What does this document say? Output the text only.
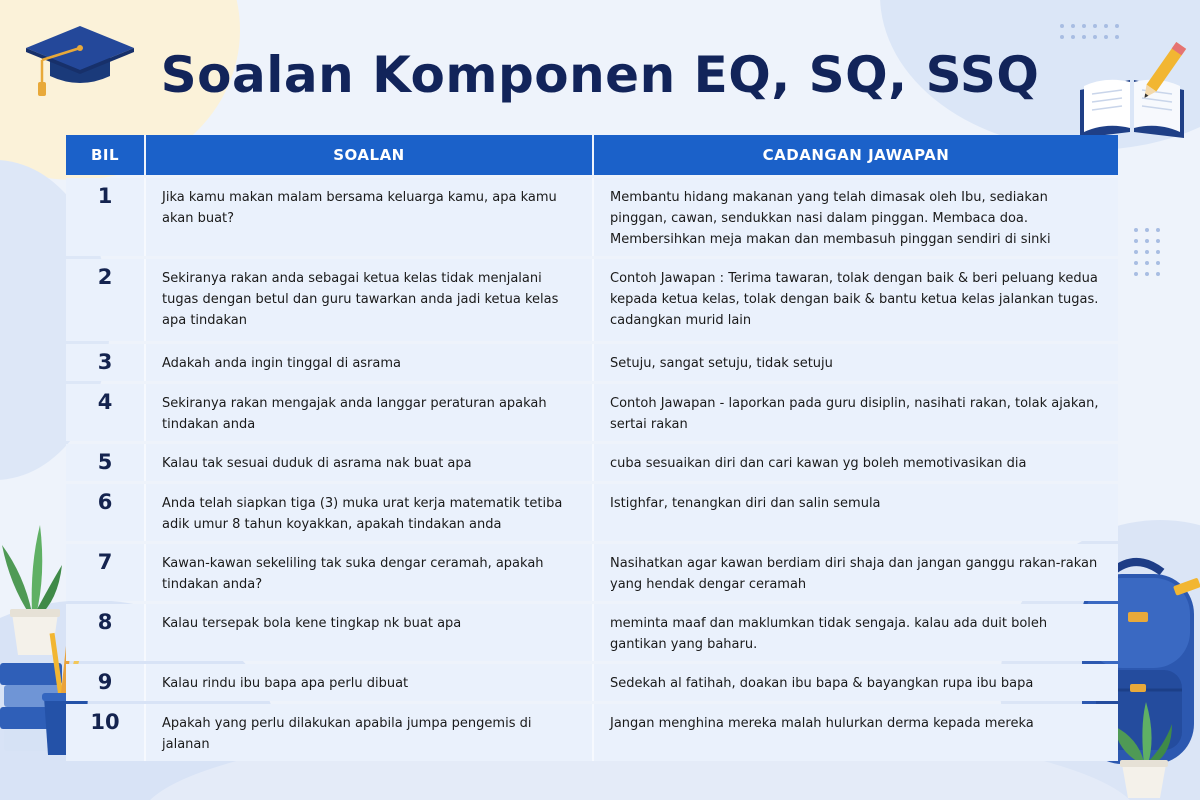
Soalan Komponen EQ, SQ, SSQ
BIL	SOALAN	CADANGAN JAWAPAN
1	Jika kamu makan malam bersama keluarga kamu, apa kamu akan buat?	Membantu hidang makanan yang telah dimasak oleh Ibu, sediakan pinggan, cawan, sendukkan nasi dalam pinggan. Membaca doa. Membersihkan meja makan dan membasuh pinggan sendiri di sinki
2	Sekiranya rakan anda sebagai ketua kelas tidak menjalani tugas dengan betul dan guru tawarkan anda jadi ketua kelas apa tindakan	Contoh Jawapan : Terima tawaran, tolak dengan baik & beri peluang kedua kepada ketua kelas, tolak dengan baik & bantu ketua kelas jalankan tugas. cadangkan murid lain
3	Adakah anda ingin tinggal di asrama	Setuju, sangat setuju, tidak setuju
4	Sekiranya rakan mengajak anda langgar peraturan apakah tindakan anda	Contoh Jawapan - laporkan pada guru disiplin, nasihati rakan, tolak ajakan, sertai rakan
5	Kalau tak sesuai duduk di asrama nak buat apa	cuba sesuaikan diri dan cari kawan yg boleh memotivasikan dia
6	Anda telah siapkan tiga (3) muka urat kerja matematik tetiba adik umur 8 tahun koyakkan, apakah tindakan anda	Istighfar, tenangkan diri dan salin semula
7	Kawan-kawan sekeliling tak suka dengar ceramah, apakah tindakan anda?	Nasihatkan agar kawan berdiam diri shaja dan jangan ganggu rakan-rakan yang hendak dengar ceramah
8	Kalau tersepak bola kene tingkap nk buat apa	meminta maaf dan maklumkan tidak sengaja. kalau ada duit boleh gantikan yang baharu.
9	Kalau rindu ibu bapa apa perlu dibuat	Sedekah al fatihah, doakan ibu bapa & bayangkan rupa ibu bapa
10	Apakah yang perlu dilakukan apabila jumpa pengemis di jalanan	Jangan menghina mereka malah hulurkan derma kepada mereka
